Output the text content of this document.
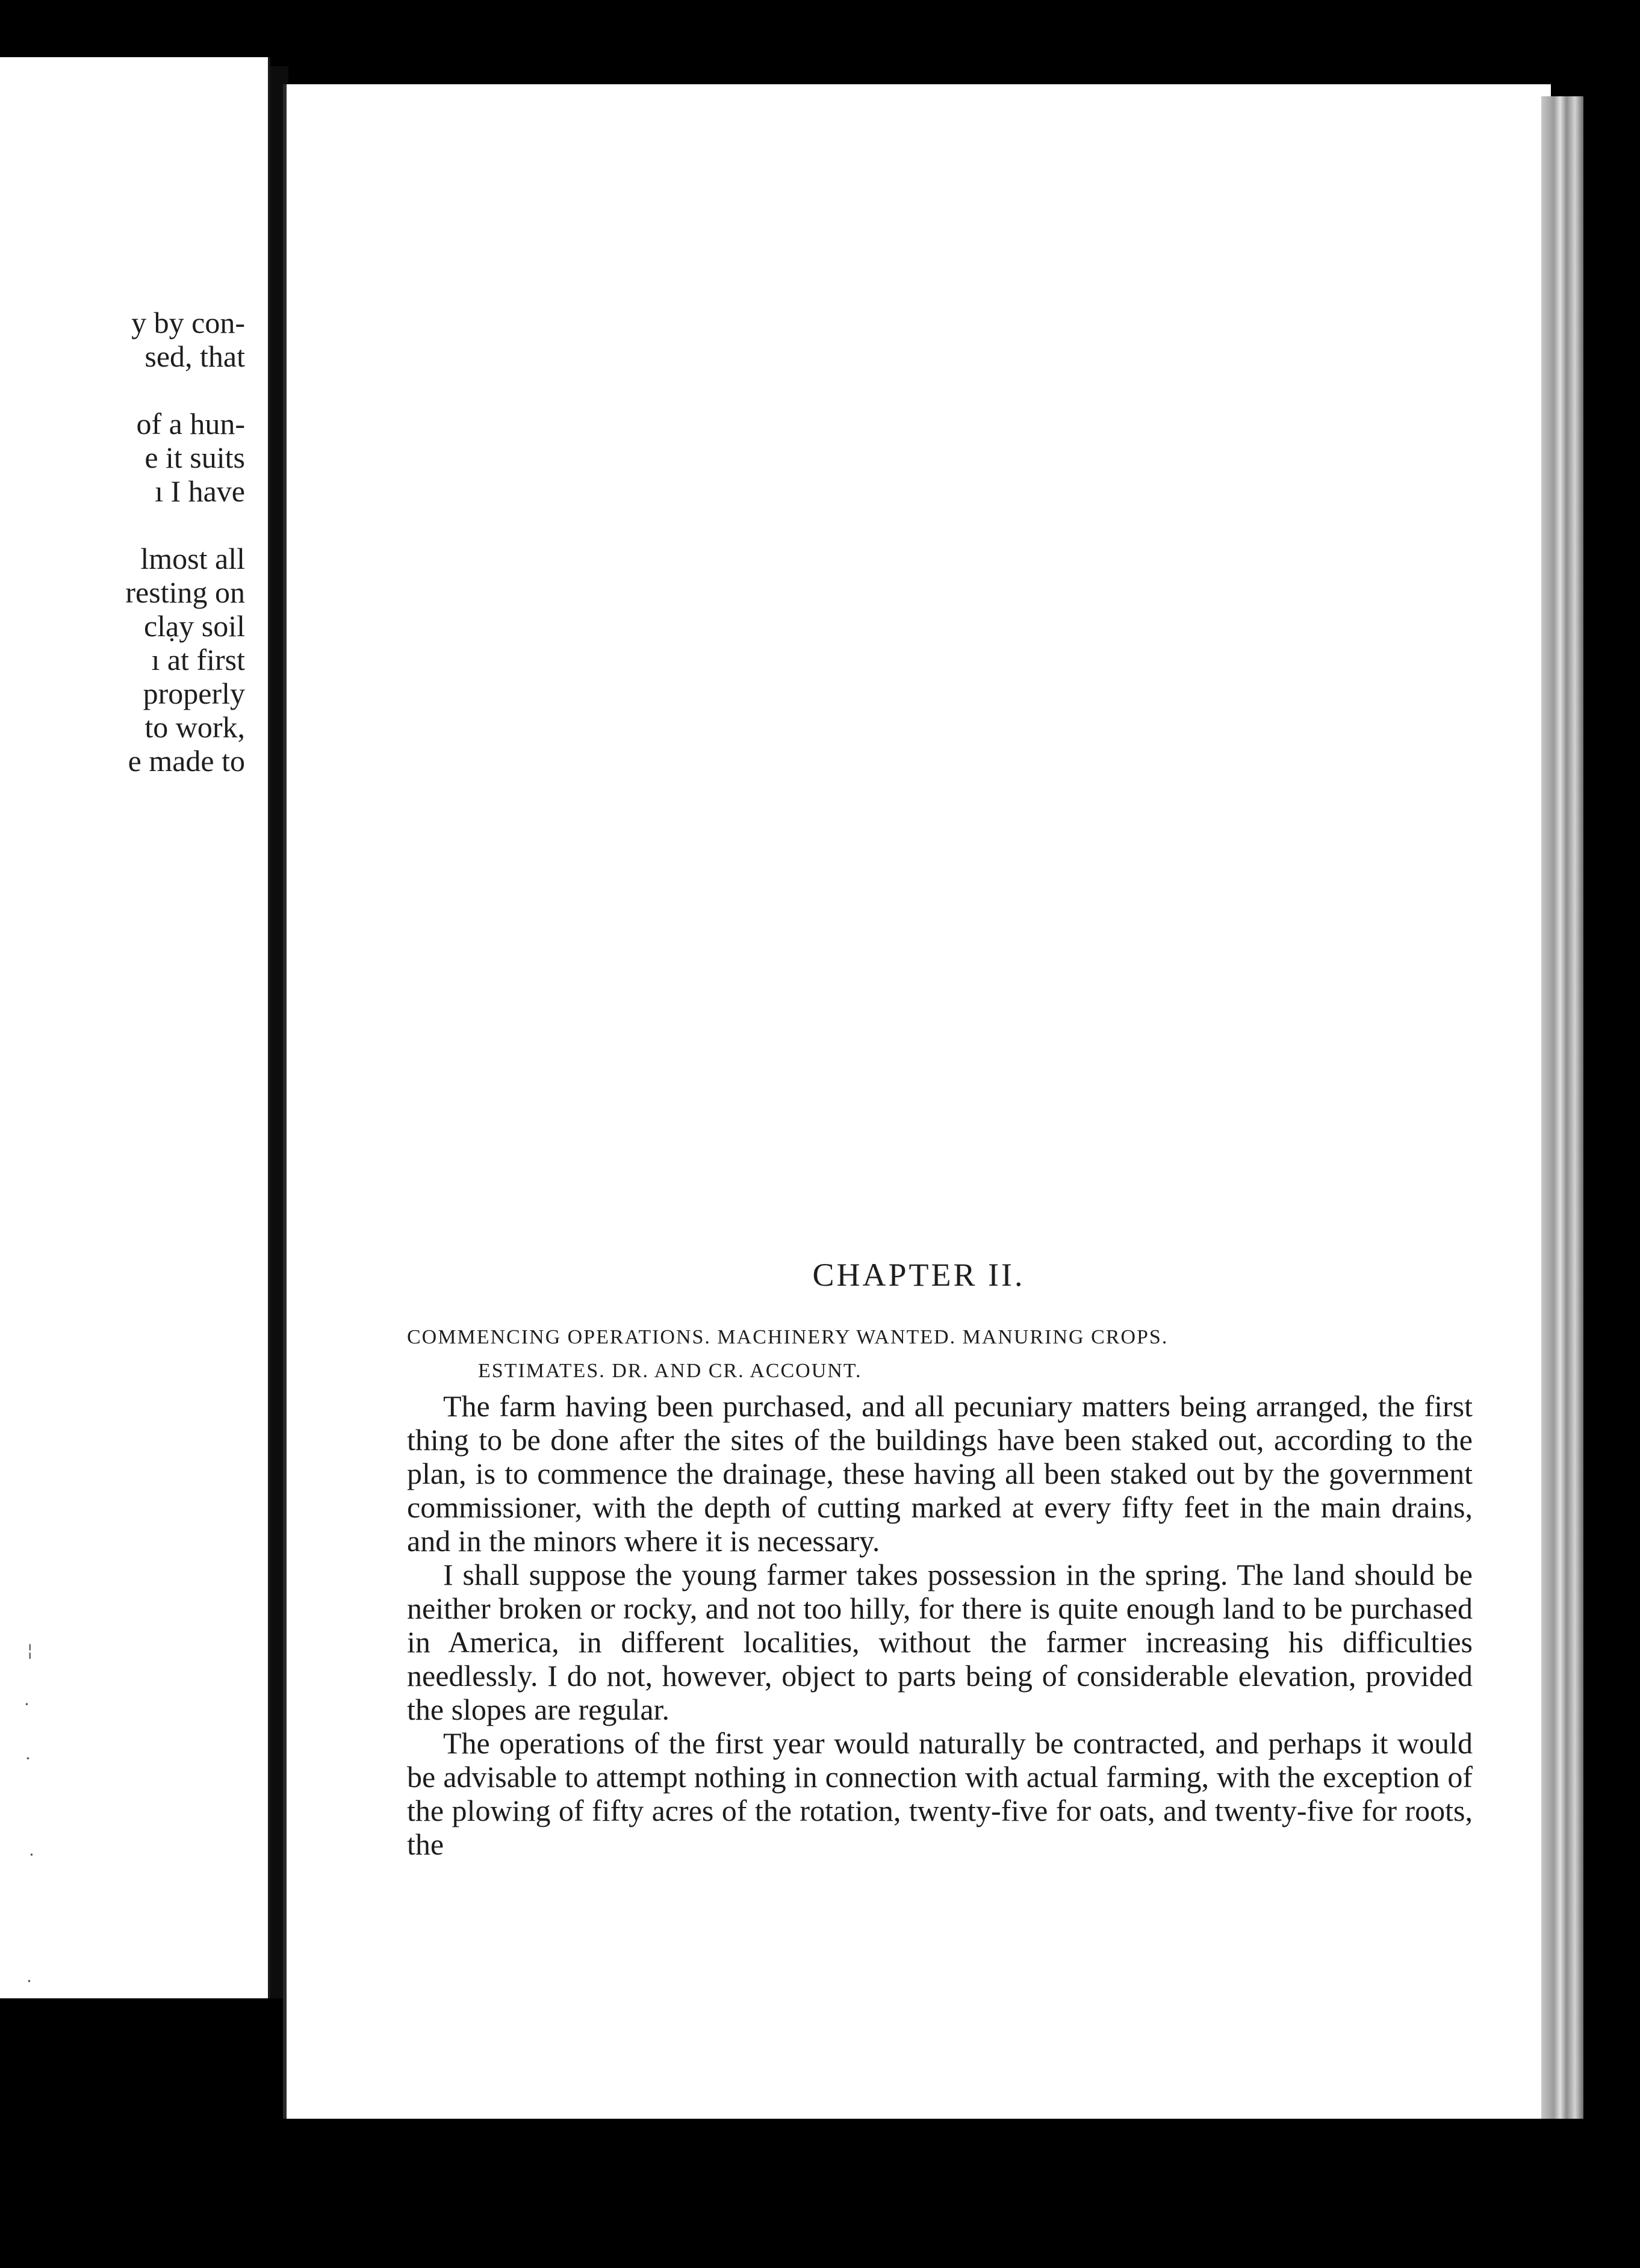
y by con-

sed, that

of a hun-

e it suits

ı I have

lmost all

resting on

clạy soil

ı at first

properly

to work,

e made to

¦
·
·
·
·
CHAPTER II.

COMMENCING OPERATIONS. MACHINERY WANTED. MANURING CROPS.

ESTIMATES. DR. AND CR. ACCOUNT.

The farm having been purchased, and all pecuniary matters being arranged, the first thing to be done after the sites of the buildings have been staked out, according to the plan, is to commence the drainage, these having all been staked out by the government commissioner, with the depth of cutting marked at every fifty feet in the main drains, and in the minors where it is necessary.

I shall suppose the young farmer takes possession in the spring. The land should be neither broken or rocky, and not too hilly, for there is quite enough land to be purchased in America, in different localities, without the farmer increasing his difficulties needlessly. I do not, however, object to parts being of considerable elevation, provided the slopes are regular.

The operations of the first year would naturally be contracted, and perhaps it would be advisable to attempt nothing in connection with actual farming, with the exception of the plowing of fifty acres of the rotation, twenty-five for oats, and twenty-five for roots, the
